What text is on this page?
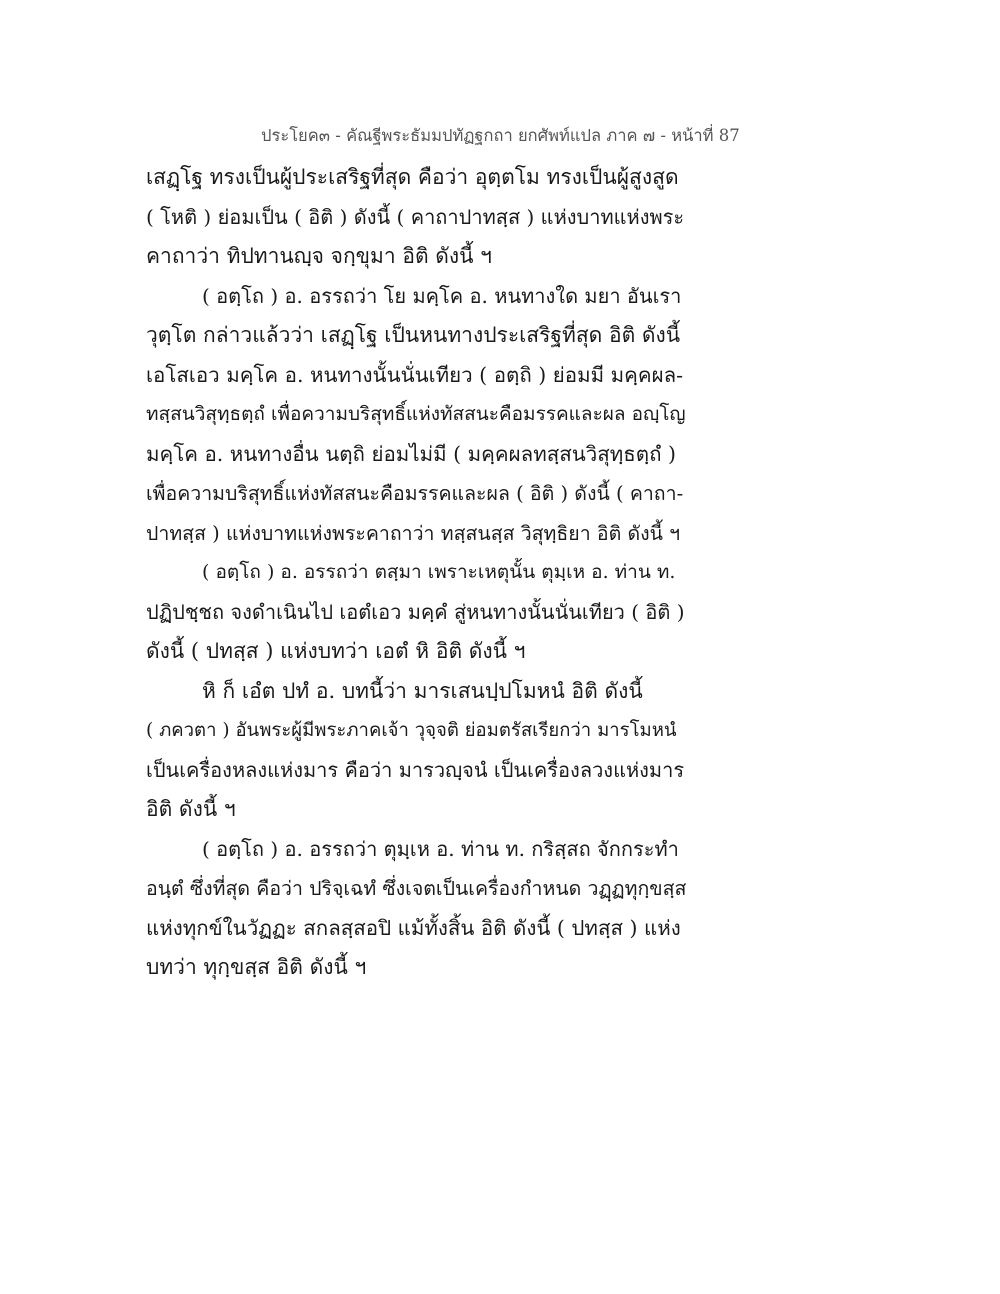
ประโยค๓ - คัณฐีพระธัมมปทัฏฐกถา ยกศัพท์แปล ภาค ๗ - หน้าที่ 87
เสฏฺโฐ ทรงเป็นผู้ประเสริฐที่สุด คือว่า อุตฺตโม ทรงเป็นผู้สูงสูด
( โหติ ) ย่อมเป็น ( อิติ ) ดังนี้ ( คาถาปาทสฺส ) แห่งบาทแห่งพระ
คาถาว่า ทิปทานญฺจ จกฺขุมา อิติ ดังนี้ ฯ
( อตฺโถ ) อ. อรรถว่า โย มคฺโค อ. หนทางใด มยา อันเรา
วุตฺโต กล่าวแล้วว่า เสฏฺโฐ เป็นหนทางประเสริฐที่สุด อิติ ดังนี้
เอโสเอว มคฺโค อ. หนทางนั้นนั่นเทียว ( อตฺถิ ) ย่อมมี มคฺคผล-
ทสฺสนวิสุทฺธตฺถํ เพื่อความบริสุทธิ์แห่งทัสสนะคือมรรคและผล อญฺโญ
มคฺโค อ. หนทางอื่น นตฺถิ ย่อมไม่มี ( มคฺคผลทสฺสนวิสุทฺธตฺถํ )
เพื่อความบริสุทธิ์แห่งทัสสนะคือมรรคและผล ( อิติ ) ดังนี้ ( คาถา-
ปาทสฺส ) แห่งบาทแห่งพระคาถาว่า ทสฺสนสฺส วิสุทฺธิยา อิติ ดังนี้ ฯ
( อตฺโถ ) อ. อรรถว่า ตสฺมา เพราะเหตุนั้น ตุมฺเห อ. ท่าน ท.
ปฏิปชฺชถ จงดำเนินไป เอตํเอว มคฺคํ สู่หนทางนั้นนั่นเทียว ( อิติ )
ดังนี้ ( ปทสฺส ) แห่งบทว่า เอตํ หิ อิติ ดังนี้ ฯ
หิ ก็ เอํต ปทํ อ. บทนี้ว่า มารเสนปฺปโมหนํ อิติ ดังนี้
( ภควตา ) อันพระผู้มีพระภาคเจ้า วุจฺจติ ย่อมตรัสเรียกว่า มารโมหนํ
เป็นเครื่องหลงแห่งมาร คือว่า มารวญฺจนํ เป็นเครื่องลวงแห่งมาร
อิติ ดังนี้ ฯ
( อตฺโถ ) อ. อรรถว่า ตุมฺเห อ. ท่าน ท. กริสฺสถ จักกระทำ
อนฺตํ ซึ่งที่สุด คือว่า ปริจฺเฉทํ ซึ่งเจตเป็นเครื่องกำหนด วฏฺฏทุกฺขสฺส
แห่งทุกข์ในวัฏฏะ สกลสฺสอปิ แม้ทั้งสิ้น อิติ ดังนี้ ( ปทสฺส ) แห่ง
บทว่า ทุกฺขสฺส อิติ ดังนี้ ฯ
